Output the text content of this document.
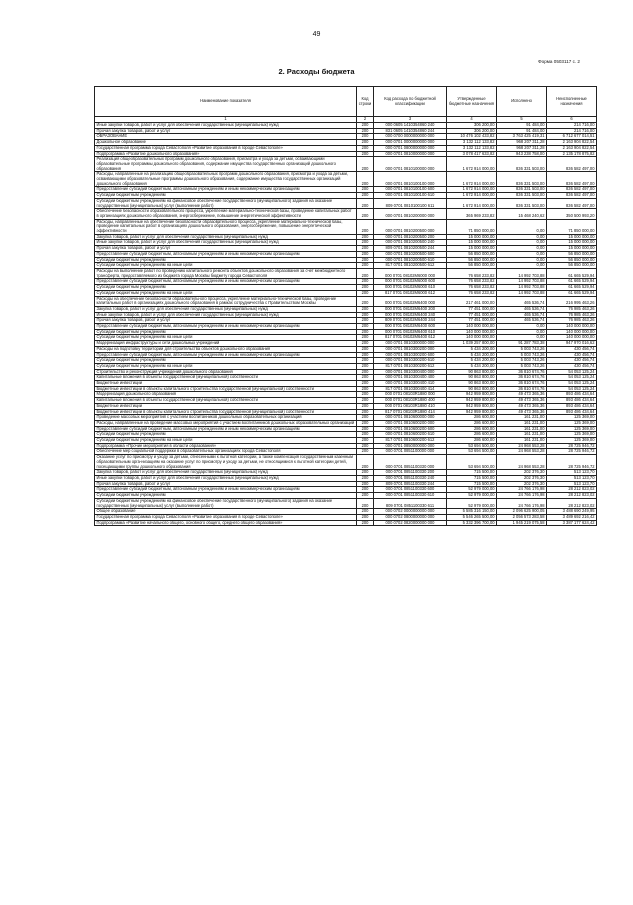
49
Форма 0503117 с. 2
2. Расходы бюджета
Наименование показателя	Код строки	Код расхода по бюджетной классификации	Утвержденные бюджетные назначения	Исполнено	Неисполненные назначения
1	2	3	4	5	6
Иные закупки товаров, работ и услуг для обеспечения государственных (муниципальных) нужд	200	000 0605 1410354860 240	306 200,00	91 484,00	214 716,00
Прочая закупка товаров, работ и услуг	200	831 0605 1410354860 244	306 200,00	91 484,00	214 716,00
ОБРАЗОВАНИЕ	200	000 0700 0000000000 000	10 476 102 433,82	3 763 425 419,31	6 712 677 014,51
Дошкольное образование	200	000 0701 0000000000 000	3 132 112 133,82	968 207 311,28	2 163 904 822,54
Государственная программа города Севастополя «Развитие образования в городе Севастополе»	200	000 0701 0800000000 000	3 132 112 133,82	968 207 311,28	2 163 904 822,54
Подпрограмма «Развитие дошкольного образования»	200	000 0701 0810000000 000	3 078 417 633,82	943 238 758,00	2 135 178 875,82
Реализация общеобразовательных программ дошкольного образования, присмотра и ухода за детьми, осваивающими образовательные программы дошкольного образования, содержание имущества государственных организаций дошкольного образования	200	000 0701 0810100000 000	1 672 914 000,00	836 331 503,00	836 582 497,00
Расходы, направленные на реализацию общеобразовательных программ дошкольного образования, присмотра и ухода за детьми, осваивающими образовательные программы дошкольного образования, содержание имущества государственных организаций дошкольного образования	200	000 0701 0810100100 000	1 672 914 000,00	836 331 503,00	836 582 497,00
Предоставление субсидий бюджетным, автономным учреждениям и иным некоммерческим организациям	200	000 0701 0810100100 600	1 672 914 000,00	836 331 503,00	836 582 497,00
Субсидии бюджетным учреждениям	200	000 0701 0810100100 610	1 672 914 000,00	836 331 503,00	836 582 497,00
Субсидии бюджетным учреждениям на финансовое обеспечение государственного (муниципального) задания на оказание государственных (муниципальных) услуг (выполнение работ)	200	809 0701 0810100100 611	1 672 914 000,00	836 331 503,00	836 582 497,00
Обеспечение безопасности образовательного процесса, укрепление материально-технической базы, проведение капитальных работ в организациях дошкольного образования, энергосбережение, повышение энергетической эффективности	200	000 0701 0810200000 000	365 969 233,82	15 468 240,62	350 500 993,20
Расходы, направленные на обеспечение безопасности образовательного процесса, укрепление материально-технической базы, проведение капитальных работ в организациях дошкольного образования, энергосбережение, повышение энергетической эффективности	200	000 0701 0810200500 000	71 850 000,00	0,00	71 850 000,00
Закупка товаров, работ и услуг для обеспечения государственных (муниципальных) нужд	200	000 0701 0810200500 200	15 000 000,00	0,00	15 000 000,00
Иные закупки товаров, работ и услуг для обеспечения государственных (муниципальных) нужд	200	000 0701 0810200500 240	15 000 000,00	0,00	15 000 000,00
Прочая закупка товаров, работ и услуг	200	809 0701 0810200500 244	15 000 000,00	0,00	15 000 000,00
Предоставление субсидий бюджетным, автономным учреждениям и иным некоммерческим организациям	200	000 0701 0810200500 600	56 850 000,00	0,00	56 850 000,00
Субсидии бюджетным учреждениям	200	000 0701 0810200500 610	56 850 000,00	0,00	56 850 000,00
Субсидии бюджетным учреждениям на иные цели	200	817 0701 0810200500 612	56 850 000,00	0,00	56 850 000,00
Расходы на выполнение работ по проведению капитального ремонта объектов дошкольного образования за счет межбюджетного трансферта, предоставляемого из бюджета города Москвы бюджету города Севастополя	200	000 0701 08102М6000 000	76 658 233,82	14 992 703,88	61 665 529,94
Предоставление субсидий бюджетным, автономным учреждениям и иным некоммерческим организациям	200	000 0701 08102М6000 600	76 658 233,82	14 992 703,88	61 665 529,94
Субсидии бюджетным учреждениям	200	000 0701 08102М6000 610	76 658 233,82	14 992 703,88	61 665 529,94
Субсидии бюджетным учреждениям на иные цели	200	817 0701 08102М6000 612	76 658 233,82	14 992 703,88	61 665 529,94
Расходы на обеспечение безопасности образовательного процесса, укрепление материально-технической базы, проведение капитальных работ в организациях дошкольного образования в рамках сотрудничества с Правительством Москвы	200	000 0701 08102М6400 000	217 461 000,00	465 536,74	216 995 463,26
Закупка товаров, работ и услуг для обеспечения государственных (муниципальных) нужд	200	000 0701 08102М6400 200	77 451 000,00	465 536,74	76 985 463,26
Иные закупки товаров, работ и услуг для обеспечения государственных (муниципальных) нужд	200	000 0701 08102М6400 240	77 451 000,00	465 536,74	76 985 463,26
Прочая закупка товаров, работ и услуг	200	809 0701 08102М6400 244	77 451 000,00	465 536,74	76 985 463,26
Предоставление субсидий бюджетным, автономным учреждениям и иным некоммерческим организациям	200	000 0701 08102М6400 600	140 000 000,00	0,00	140 000 000,00
Субсидии бюджетным учреждениям	200	000 0701 08102М6400 610	140 000 000,00	0,00	140 000 000,00
Субсидии бюджетным учреждениям на иные цели	200	817 0701 08102М6400 612	140 000 000,00	0,00	140 000 000,00
Модернизация инфраструктуры и сети дошкольных учреждений	200	000 0701 0810300000 000	1 039 257 800,00	91 287 783,38	947 970 016,62
Расходы на подготовку территории для строительства объектов дошкольного образования	200	000 0701 0810300200 000	5 434 200,00	5 003 743,26	430 456,74
Предоставление субсидий бюджетным, автономным учреждениям и иным некоммерческим организациям	200	000 0701 0810300200 600	5 434 200,00	5 003 743,26	430 456,74
Субсидии бюджетным учреждениям	200	000 0701 0810300200 610	5 434 200,00	5 003 743,26	430 456,74
Субсидии бюджетным учреждениям на иные цели	200	817 0701 0810300200 612	5 434 200,00	5 003 743,26	430 456,74
Строительство и реконструкция учреждений дошкольного образования	200	000 0701 0810300400 000	90 863 800,00	36 810 674,76	54 053 125,24
Капитальные вложения в объекты государственной (муниципальной) собственности	200	000 0701 0810300400 400	90 863 800,00	36 810 674,76	54 053 125,24
Бюджетные инвестиции	200	000 0701 0810300400 410	90 863 800,00	36 810 674,76	54 053 125,24
Бюджетные инвестиции в объекты капитального строительства государственной (муниципальной) собственности	200	817 0701 0810300400 414	90 863 800,00	36 810 674,76	54 053 125,24
Модернизация дошкольного образования	200	000 0701 08103R1880 000	942 959 800,00	49 473 365,36	893 486 434,64
Капитальные вложения в объекты государственной (муниципальной) собственности	200	000 0701 08103R1880 400	942 959 800,00	49 473 365,36	893 486 434,64
Бюджетные инвестиции	200	000 0701 08103R1880 410	942 959 800,00	49 473 365,36	893 486 434,64
Бюджетные инвестиции в объекты капитального строительства государственной (муниципальной) собственности	200	817 0701 08103R1880 414	942 959 800,00	49 473 365,36	893 486 434,64
Проведение массовых мероприятий с участием воспитанников дошкольных образовательных организаций	200	000 0701 0810600000 000	286 600,00	161 231,00	125 369,00
Расходы, направленные на проведение массовых мероприятий с участием воспитанников дошкольных образовательных организаций	200	000 0701 0810600200 000	286 600,00	161 231,00	125 369,00
Предоставление субсидий бюджетным, автономным учреждениям и иным некоммерческим организациям	200	000 0701 0810600200 600	286 600,00	161 231,00	125 369,00
Субсидии бюджетным учреждениям	200	000 0701 0810600200 610	286 600,00	161 231,00	125 369,00
Субсидии бюджетным учреждениям на иные цели	200	817 0701 0810600200 612	286 600,00	161 231,00	125 369,00
Подпрограмма «Прочие мероприятия в области образования»	200	000 0701 0850000000 000	53 694 500,00	24 968 553,28	28 725 946,72
Обеспечение мер социальной поддержки в образовательных организациях города Севастополя	200	000 0701 0851100000 000	53 694 500,00	24 968 553,28	28 725 946,72
Оказание услуг по присмотру и уходу за детьми, отнесенными к льготной категории, а также компенсация государственным казенным образовательным орга-низациям на оказание услуг по присмотру и уходу за детьми, не относящимися к льготной категории детей, посещающими группы дошкольного образования	200	000 0701 0851100330 000	53 694 500,00	24 968 553,28	28 725 946,72
Закупка товаров, работ и услуг для обеспечения государственных (муниципальных) нужд	200	000 0701 0851100330 200	715 500,00	202 376,30	513 123,70
Иные закупки товаров, работ и услуг для обеспечения государственных (муниципальных) нужд	200	000 0701 0851100330 240	715 500,00	202 376,30	513 123,70
Прочая закупка товаров, работ и услуг	200	809 0701 0851100330 244	715 500,00	202 376,30	513 123,70
Предоставление субсидий бюджетным, автономным учреждениям и иным некоммерческим организациям	200	000 0701 0851100330 600	52 979 000,00	24 766 176,98	28 212 823,02
Субсидии бюджетным учреждениям	200	000 0701 0851100330 610	52 979 000,00	24 766 176,98	28 212 823,02
Субсидии бюджетным учреждениям на финансовое обеспечение государственного (муниципального) задания на оказание государственных (муниципальных) услуг (выполнение работ)	200	809 0701 0851100330 611	52 979 000,00	24 766 176,98	28 212 823,02
Общее образование	200	000 0702 0000000000 000	5 585 316 150,00	2 096 625 900,05	3 488 690 249,95
Государственная программа города Севастополя «Развитие образования в городе Севастополе»	200	000 0702 0800000000 000	5 546 265 500,00	2 056 573 283,58	3 489 692 216,42
Подпрограмма «Развитие начального общего, основного общего, среднего общего образования»	200	000 0702 0820000000 000	5 332 396 700,00	1 945 219 075,58	3 387 177 624,42
